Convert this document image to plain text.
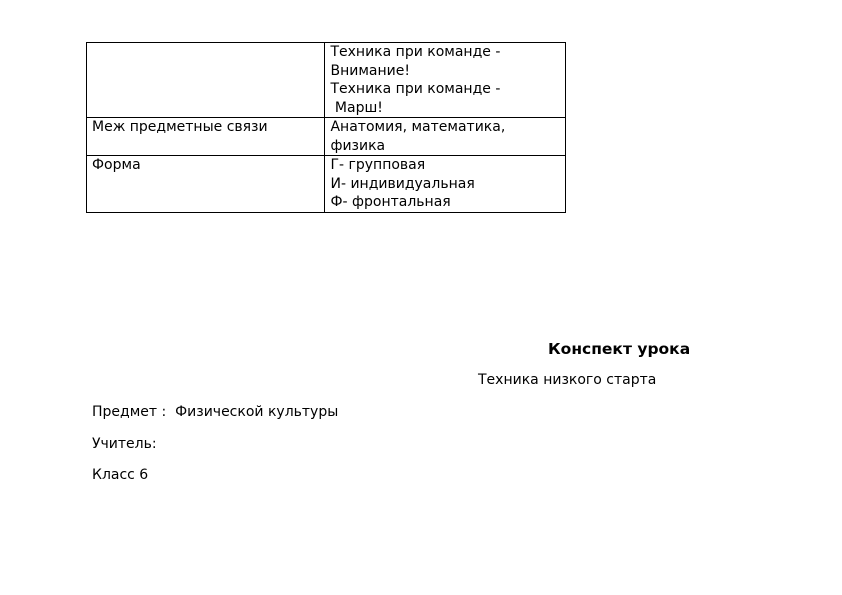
	Техника при команде -
Внимание!
Техника при команде -
Марш!

Меж предметные связи	Анатомия, математика,
физика

Форма	Г- групповая
И- индивидуальная
Ф- фронтальная
Конспект урока
Техника низкого старта
Предмет :  Физической культуры
Учитель:
Класс 6
